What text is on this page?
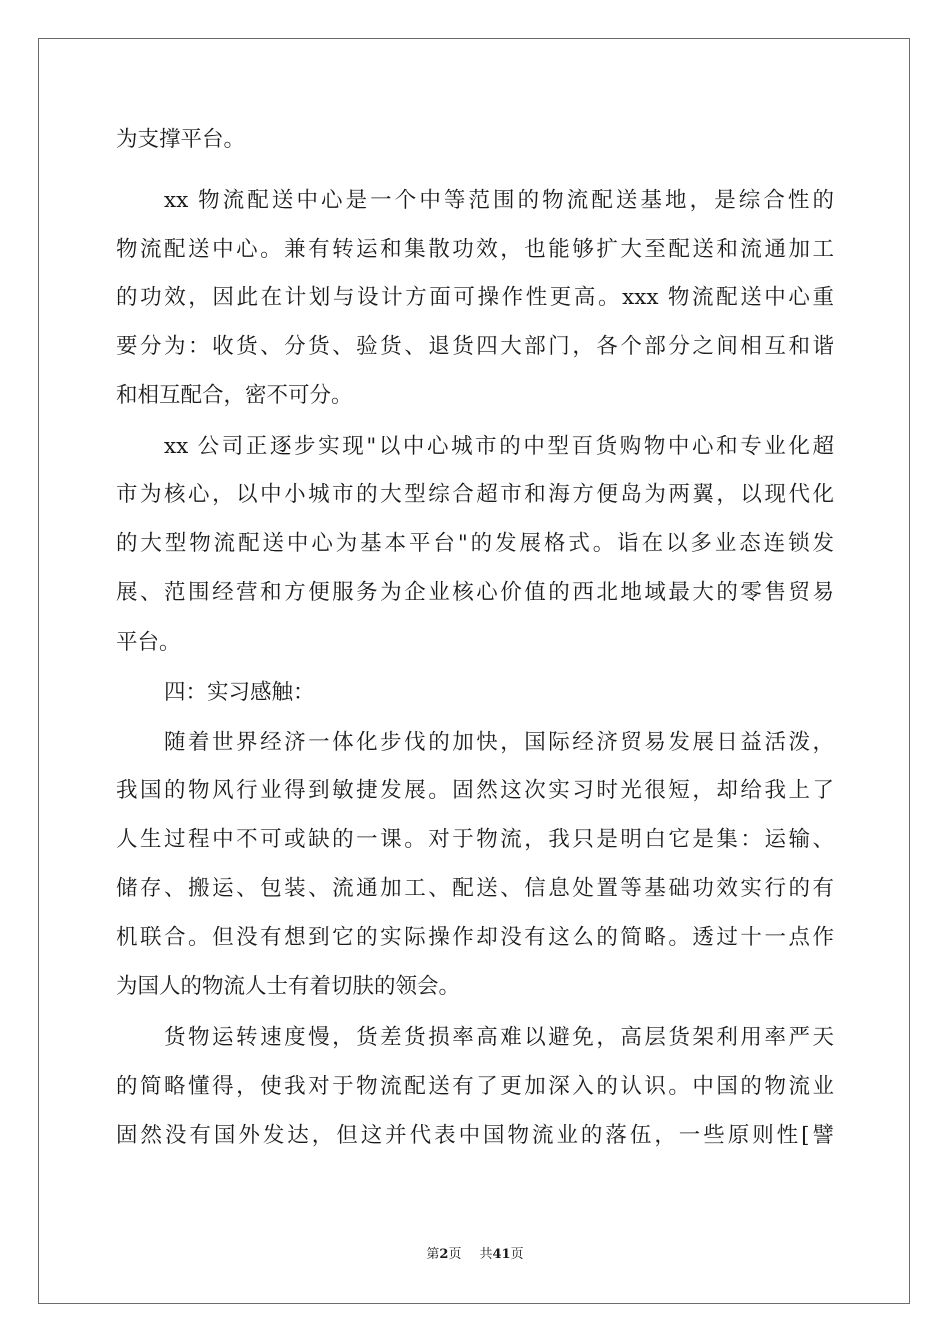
为支撑平台。
xx 物流配送中心是一个中等范围的物流配送基地，是综合性的
物流配送中心。兼有转运和集散功效，也能够扩大至配送和流通加工
的功效，因此在计划与设计方面可操作性更高。xxx 物流配送中心重
要分为：收货、分货、验货、退货四大部门，各个部分之间相互和谐
和相互配合，密不可分。
xx 公司正逐步实现"以中心城市的中型百货购物中心和专业化超
市为核心，以中小城市的大型综合超市和海方便岛为两翼，以现代化
的大型物流配送中心为基本平台"的发展格式。诣在以多业态连锁发
展、范围经营和方便服务为企业核心价值的西北地域最大的零售贸易
平台。
四：实习感触：
随着世界经济一体化步伐的加快，国际经济贸易发展日益活泼，
我国的物风行业得到敏捷发展。固然这次实习时光很短，却给我上了
人生过程中不可或缺的一课。对于物流，我只是明白它是集：运输、
储存、搬运、包装、流通加工、配送、信息处置等基础功效实行的有
机联合。但没有想到它的实际操作却没有这么的简略。透过十一点作
为国人的物流人士有着切肤的领会。
货物运转速度慢，货差货损率高难以避免，高层货架利用率严天
的简略懂得，使我对于物流配送有了更加深入的认识。中国的物流业
固然没有国外发达，但这并代表中国物流业的落伍，一些原则性[譬
第2页 共41页
